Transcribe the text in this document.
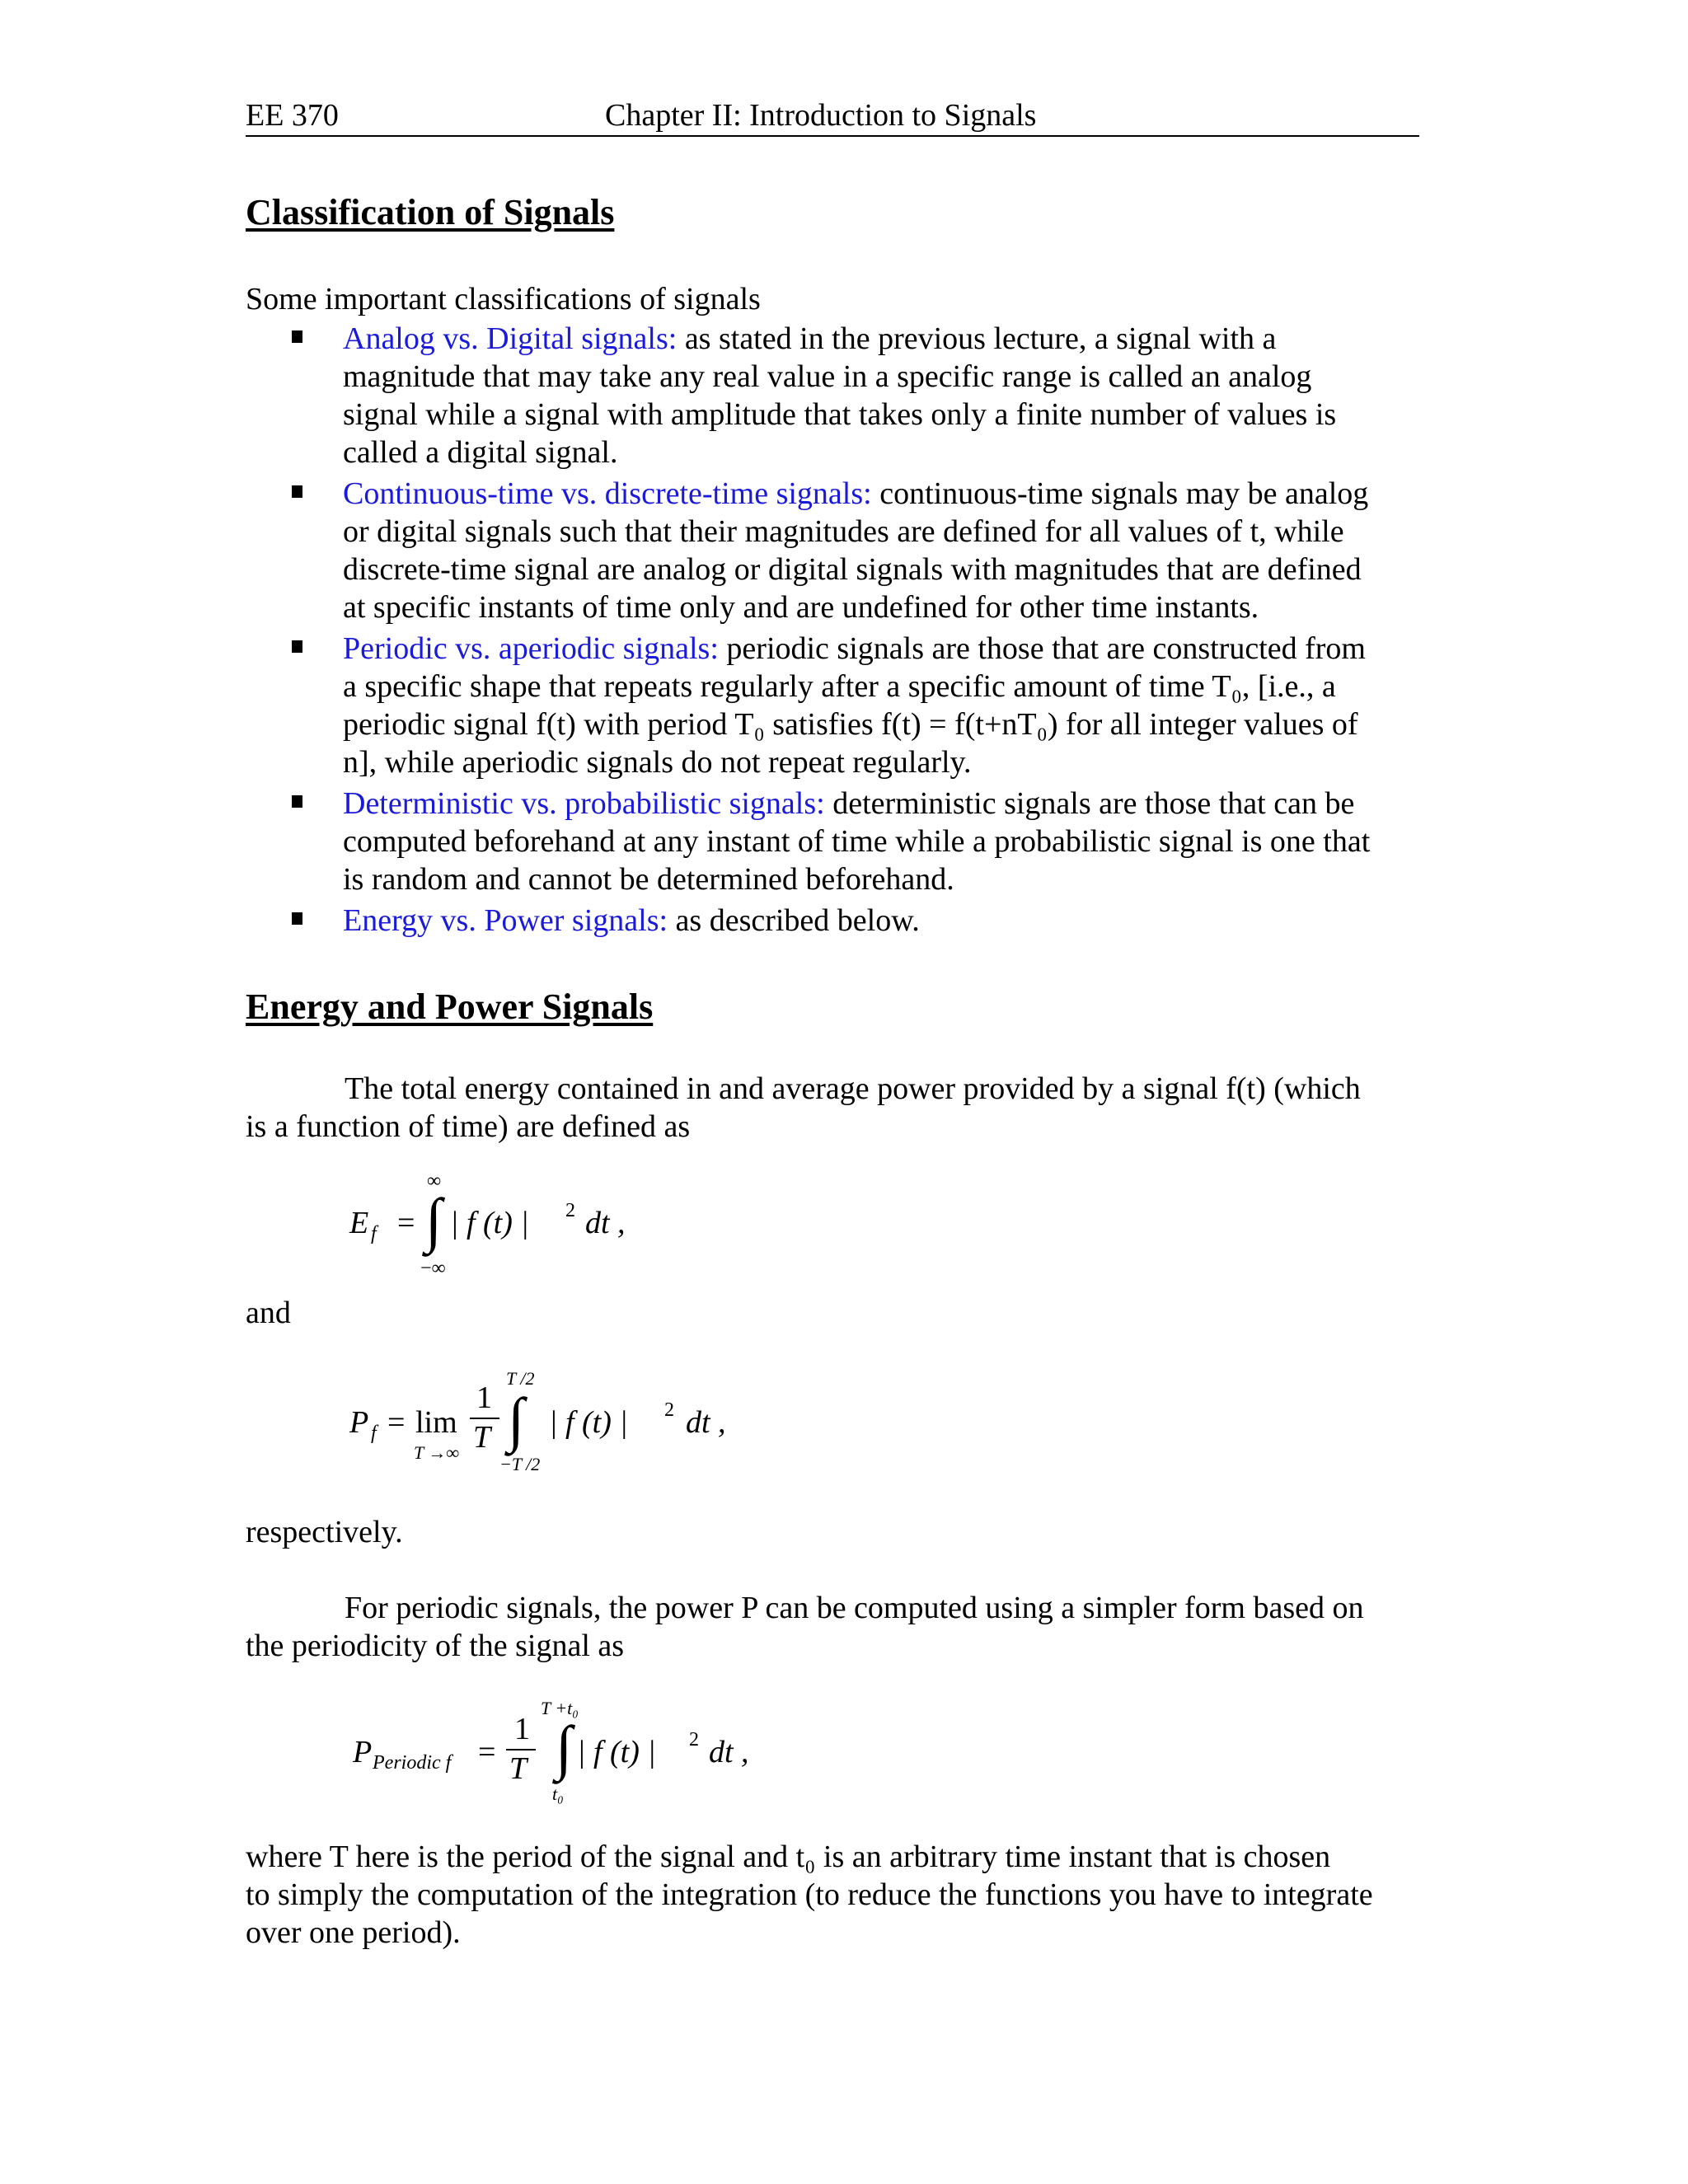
EE 370	Chapter II: Introduction to Signals
Classification of Signals
Some important classifications of signals
Analog vs. Digital signals: as stated in the previous lecture, a signal with a
magnitude that may take any real value in a specific range is called an analog
signal while a signal with amplitude that takes only a finite number of values is
called a digital signal.
Continuous-time vs. discrete-time signals: continuous-time signals may be analog
or digital signals such that their magnitudes are defined for all values of t, while
discrete-time signal are analog or digital signals with magnitudes that are defined
at specific instants of time only and are undefined for other time instants.
Periodic vs. aperiodic signals: periodic signals are those that are constructed from
a specific shape that repeats regularly after a specific amount of time T₀, [i.e., a
periodic signal f(t) with period T₀ satisfies f(t) = f(t+nT₀) for all integer values of
n], while aperiodic signals do not repeat regularly.
Deterministic vs. probabilistic signals: deterministic signals are those that can be
computed beforehand at any instant of time while a probabilistic signal is one that
is random and cannot be determined beforehand.
Energy vs. Power signals: as described below.
Energy and Power Signals
The total energy contained in and average power provided by a signal f(t) (which
is a function of time) are defined as
E f = ∫
∞
−∞
| f (t) | 2 dt ,
and
P f = lim
T →∞
1
T ∫
T /2
−T /2
| f (t) | 2 dt ,
respectively.
For periodic signals, the power P can be computed using a simpler form based on
the periodicity of the signal as
P Periodic f =
1
T ∫
T +t₀
t₀
| f (t) | 2 dt ,
where T here is the period of the signal and t₀ is an arbitrary time instant that is chosen
to simply the computation of the integration (to reduce the functions you have to integrate
over one period).
